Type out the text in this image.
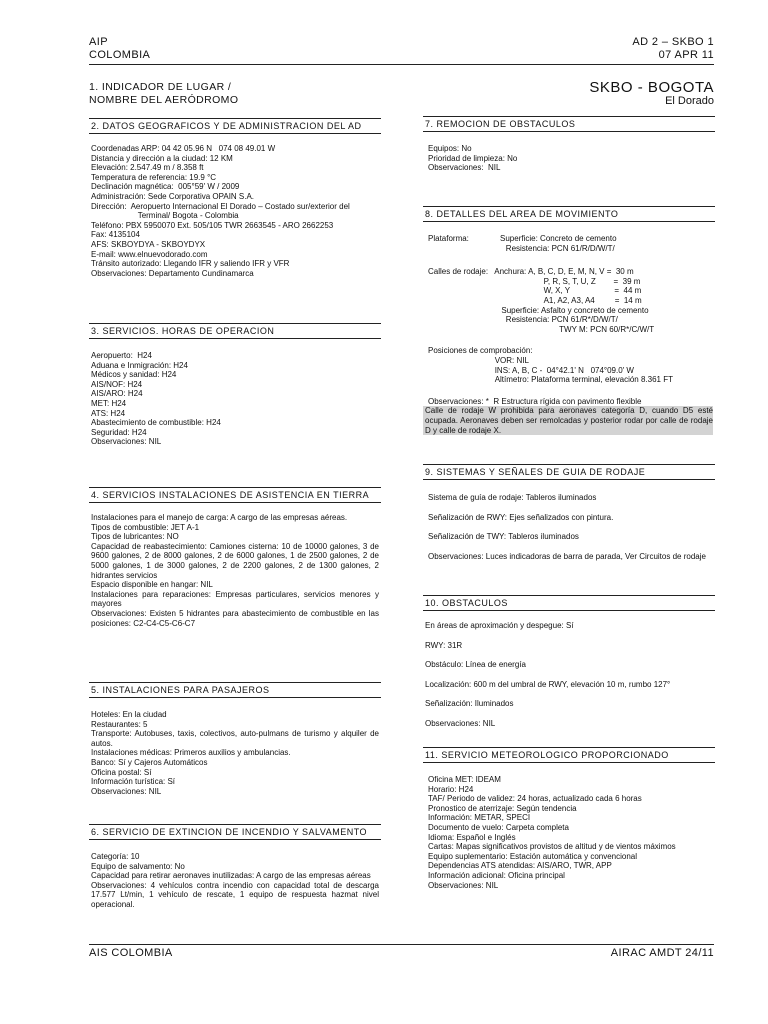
AIP
COLOMBIA
AD 2 – SKBO 1
07 APR 11
1. INDICADOR DE LUGAR /
NOMBRE DEL AERÓDROMO
SKBO - BOGOTA
El Dorado
2. DATOS GEOGRAFICOS Y DE ADMINISTRACION DEL AD
Coordenadas ARP: 04 42 05.96 N   074 08 49.01 W
Distancia y dirección a la ciudad: 12 KM
Elevación: 2.547.49 m / 8.358 ft
Temperatura de referencia: 19.9 °C
Declinación magnética:  005°59' W / 2009
Administración: Sede Corporativa OPAIN S.A.
Dirección:  Aeropuerto Internacional El Dorado – Costado sur/exterior del
Terminal/ Bogota - Colombia
Teléfono: PBX 5950070 Ext. 505/105 TWR 2663545 - ARO 2662253
Fax: 4135104
AFS: SKBOYDYA - SKBOYDYX
E-mail: www.elnuevodorado.com
Tránsito autorizado: Llegando IFR y saliendo IFR y VFR
Observaciones: Departamento Cundinamarca
3. SERVICIOS. HORAS DE OPERACION
Aeropuerto:  H24
Aduana e Inmigración: H24
Médicos y sanidad: H24
AIS/NOF: H24
AIS/ARO: H24
MET: H24
ATS: H24
Abastecimiento de combustible: H24
Seguridad: H24
Observaciones: NIL
4. SERVICIOS INSTALACIONES DE ASISTENCIA EN TIERRA
Instalaciones para el manejo de carga: A cargo de las empresas aéreas.
Tipos de combustible: JET A-1
Tipos de lubricantes: NO
Capacidad de reabastecimiento: Camiones cisterna: 10 de 10000 galones, 3 de 9600 galones, 2 de 8000 galones, 2 de 6000 galones, 1 de 2500 galones, 2 de 5000 galones, 1 de 3000 galones, 2 de 2200 galones, 2 de 1300 galones, 2 hidrantes servicios
Espacio disponible en hangar: NIL
Instalaciones para reparaciones: Empresas particulares, servicios menores y mayores
Observaciones: Existen 5 hidrantes para abastecimiento de combustible en las posiciones: C2-C4-C5-C6-C7
5. INSTALACIONES PARA PASAJEROS
Hoteles: En la ciudad
Restaurantes: 5
Transporte: Autobuses, taxis, colectivos, auto-pulmans de turismo y alquiler de autos.
Instalaciones médicas: Primeros auxilios y ambulancias.
Banco: Sí y Cajeros Automáticos
Oficina postal: Sí
Información turística: Sí
Observaciones: NIL
6. SERVICIO DE EXTINCION DE INCENDIO Y SALVAMENTO
Categoría: 10
Equipo de salvamento: No
Capacidad para retirar aeronaves inutilizadas: A cargo de las empresas aéreas
Observaciones: 4 vehículos contra incendio con capacidad total de descarga 17.577 Lt/min, 1 vehículo de rescate, 1 equipo de respuesta hazmat nivel operacional.
7. REMOCION DE OBSTACULOS
Equipos: No
Prioridad de limpieza: No
Observaciones:  NIL
8. DETALLES DEL AREA DE MOVIMIENTO
Plataforma:              Superficie: Concreto de cemento
Resistencia: PCN 61/R/D/W/T/
Calles de rodaje:   Anchura: A, B, C, D, E, M, N, V =  30 m
P, R, S, T, U, Z        =  39 m
W, X, Y                    =  44 m
A1, A2, A3, A4         =  14 m
Superficie: Asfalto y concreto de cemento
Resistencia: PCN 61/R*/D/W/T/
TWY M: PCN 60/R*/C/W/T
Posiciones de comprobación:
VOR: NIL
INS: A, B, C -  04°42.1' N   074°09.0' W
Altímetro: Plataforma terminal, elevación 8.361 FT
Observaciones: *  R Estructura rígida con pavimento flexible
Calle de rodaje W prohibida para aeronaves categoría D, cuando D5 esté ocupada. Aeronaves deben ser remolcadas y posterior rodar por calle de rodaje D y calle de rodaje X.
9. SISTEMAS Y SEÑALES DE GUIA DE RODAJE
Sistema de guía de rodaje: Tableros iluminados
Señalización de RWY: Ejes señalizados con pintura.
Señalización de TWY: Tableros iluminados
Observaciones: Luces indicadoras de barra de parada, Ver Circuitos de rodaje
10. OBSTACULOS
En áreas de aproximación y despegue: Sí
RWY: 31R
Obstáculo: Línea de energía
Localización: 600 m del umbral de RWY, elevación 10 m, rumbo 127°
Señalización: Iluminados
Observaciones: NIL
11. SERVICIO METEOROLOGICO PROPORCIONADO
Oficina MET: IDEAM
Horario: H24
TAF/ Periodo de validez: 24 horas, actualizado cada 6 horas
Pronostico de aterrizaje: Según tendencia
Información: METAR, SPECI
Documento de vuelo: Carpeta completa
Idioma: Español e Inglés
Cartas: Mapas significativos provistos de altitud y de vientos máximos
Equipo suplementario: Estación automática y convencional
Dependencias ATS atendidas: AIS/ARO, TWR, APP
Información adicional: Oficina principal
Observaciones: NIL
AIS COLOMBIA	AIRAC AMDT 24/11
